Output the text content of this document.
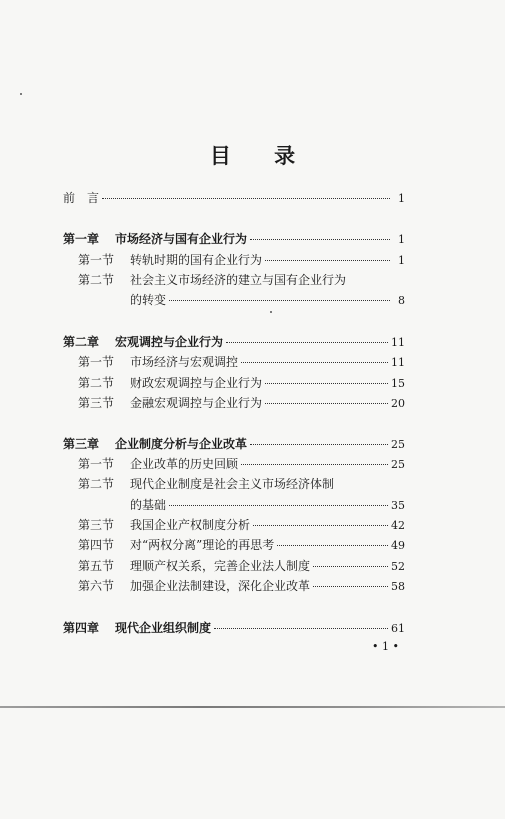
目 录
前　言	1
第一章	市场经济与国有企业行为	1
第一节	转轨时期的国有企业行为	1
第二节	社会主义市场经济的建立与国有企业行为
的转变	8
第二章	宏观调控与企业行为	11
第一节	市场经济与宏观调控	11
第二节	财政宏观调控与企业行为	15
第三节	金融宏观调控与企业行为	20
第三章	企业制度分析与企业改革	25
第一节	企业改革的历史回顾	25
第二节	现代企业制度是社会主义市场经济体制
的基础	35
第三节	我国企业产权制度分析	42
第四节	对“两权分离”理论的再思考	49
第五节	理顺产权关系，完善企业法人制度	52
第六节	加强企业法制建设，深化企业改革	58
第四章	现代企业组织制度	61
• 1 •
